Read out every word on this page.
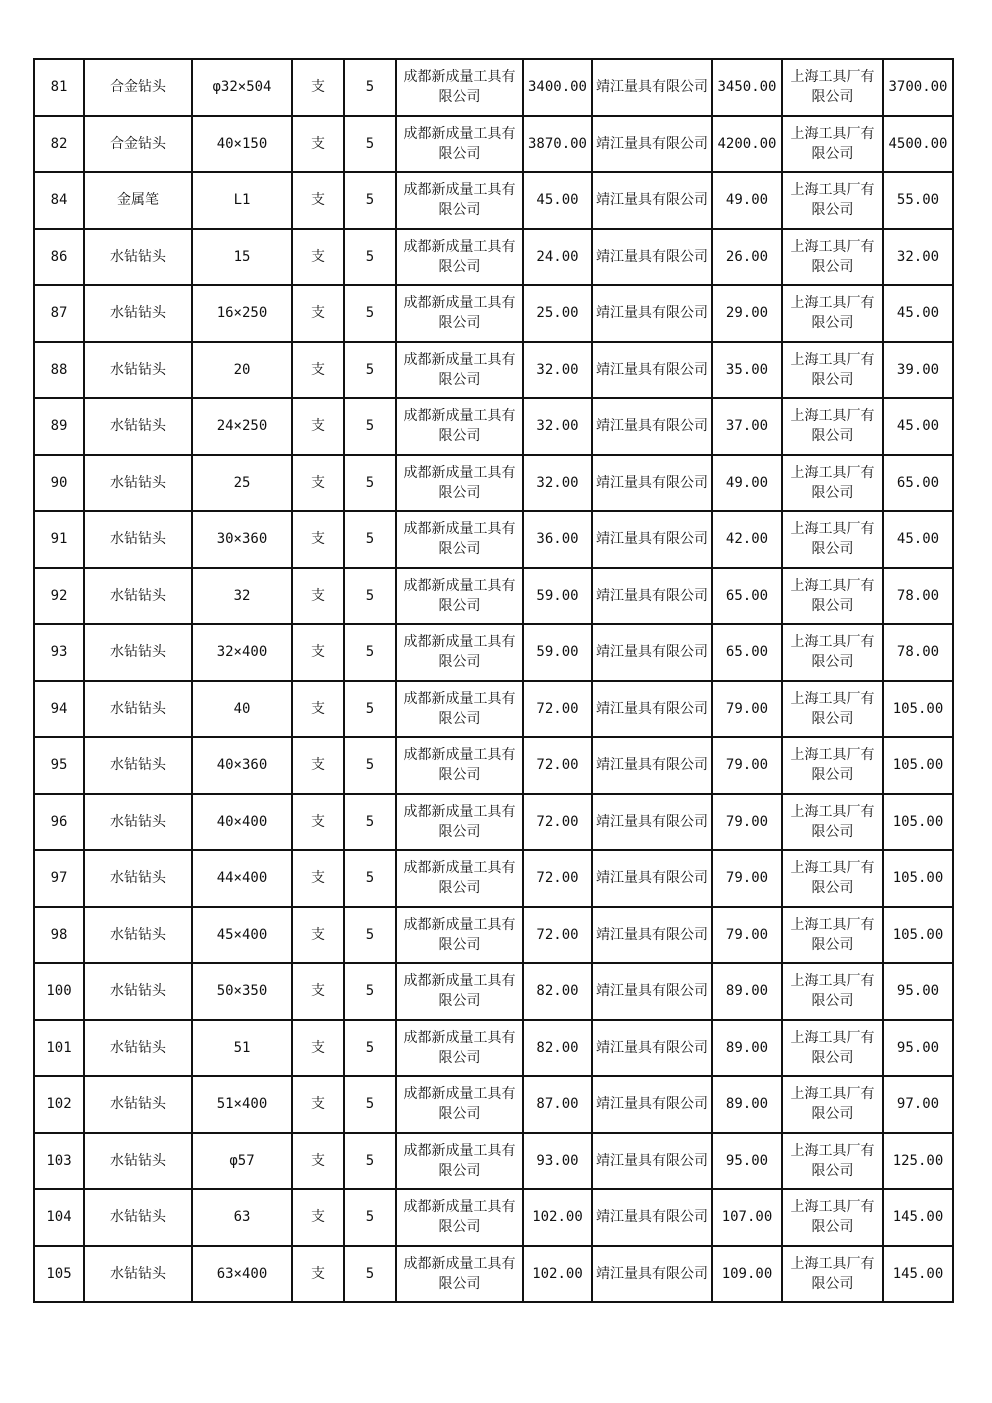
81	合金钻头	φ32×504	支	5	成都新成量工具有限公司	3400.00	靖江量具有限公司	3450.00	上海工具厂有限公司	3700.00
82	合金钻头	40×150	支	5	成都新成量工具有限公司	3870.00	靖江量具有限公司	4200.00	上海工具厂有限公司	4500.00
84	金属笔	L1	支	5	成都新成量工具有限公司	45.00	靖江量具有限公司	49.00	上海工具厂有限公司	55.00
86	水钻钻头	15	支	5	成都新成量工具有限公司	24.00	靖江量具有限公司	26.00	上海工具厂有限公司	32.00
87	水钻钻头	16×250	支	5	成都新成量工具有限公司	25.00	靖江量具有限公司	29.00	上海工具厂有限公司	45.00
88	水钻钻头	20	支	5	成都新成量工具有限公司	32.00	靖江量具有限公司	35.00	上海工具厂有限公司	39.00
89	水钻钻头	24×250	支	5	成都新成量工具有限公司	32.00	靖江量具有限公司	37.00	上海工具厂有限公司	45.00
90	水钻钻头	25	支	5	成都新成量工具有限公司	32.00	靖江量具有限公司	49.00	上海工具厂有限公司	65.00
91	水钻钻头	30×360	支	5	成都新成量工具有限公司	36.00	靖江量具有限公司	42.00	上海工具厂有限公司	45.00
92	水钻钻头	32	支	5	成都新成量工具有限公司	59.00	靖江量具有限公司	65.00	上海工具厂有限公司	78.00
93	水钻钻头	32×400	支	5	成都新成量工具有限公司	59.00	靖江量具有限公司	65.00	上海工具厂有限公司	78.00
94	水钻钻头	40	支	5	成都新成量工具有限公司	72.00	靖江量具有限公司	79.00	上海工具厂有限公司	105.00
95	水钻钻头	40×360	支	5	成都新成量工具有限公司	72.00	靖江量具有限公司	79.00	上海工具厂有限公司	105.00
96	水钻钻头	40×400	支	5	成都新成量工具有限公司	72.00	靖江量具有限公司	79.00	上海工具厂有限公司	105.00
97	水钻钻头	44×400	支	5	成都新成量工具有限公司	72.00	靖江量具有限公司	79.00	上海工具厂有限公司	105.00
98	水钻钻头	45×400	支	5	成都新成量工具有限公司	72.00	靖江量具有限公司	79.00	上海工具厂有限公司	105.00
100	水钻钻头	50×350	支	5	成都新成量工具有限公司	82.00	靖江量具有限公司	89.00	上海工具厂有限公司	95.00
101	水钻钻头	51	支	5	成都新成量工具有限公司	82.00	靖江量具有限公司	89.00	上海工具厂有限公司	95.00
102	水钻钻头	51×400	支	5	成都新成量工具有限公司	87.00	靖江量具有限公司	89.00	上海工具厂有限公司	97.00
103	水钻钻头	φ57	支	5	成都新成量工具有限公司	93.00	靖江量具有限公司	95.00	上海工具厂有限公司	125.00
104	水钻钻头	63	支	5	成都新成量工具有限公司	102.00	靖江量具有限公司	107.00	上海工具厂有限公司	145.00
105	水钻钻头	63×400	支	5	成都新成量工具有限公司	102.00	靖江量具有限公司	109.00	上海工具厂有限公司	145.00
